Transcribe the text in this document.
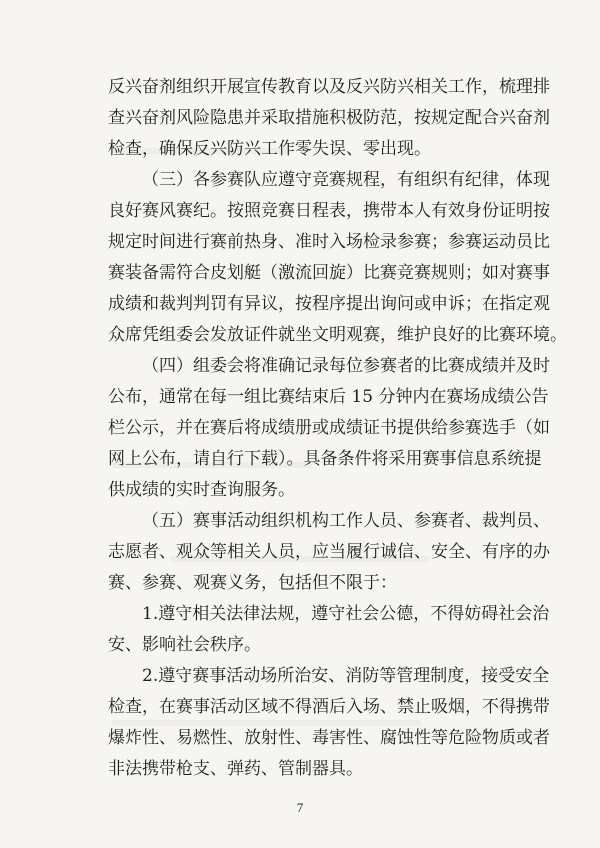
反兴奋剂组织开展宣传教育以及反兴防兴相关工作，梳理排
查兴奋剂风险隐患并采取措施积极防范，按规定配合兴奋剂
检查，确保反兴防兴工作零失误、零出现。
（三）各参赛队应遵守竞赛规程，有组织有纪律，体现
良好赛风赛纪。按照竞赛日程表，携带本人有效身份证明按
规定时间进行赛前热身、准时入场检录参赛；参赛运动员比
赛装备需符合皮划艇（激流回旋）比赛竞赛规则；如对赛事
成绩和裁判判罚有异议，按程序提出询问或申诉；在指定观
众席凭组委会发放证件就坐文明观赛，维护良好的比赛环境。
（四）组委会将准确记录每位参赛者的比赛成绩并及时
公布，通常在每一组比赛结束后 15 分钟内在赛场成绩公告
栏公示，并在赛后将成绩册或成绩证书提供给参赛选手（如
网上公布，请自行下载）。具备条件将采用赛事信息系统提
供成绩的实时查询服务。
（五）赛事活动组织机构工作人员、参赛者、裁判员、
志愿者、观众等相关人员，应当履行诚信、安全、有序的办
赛、参赛、观赛义务，包括但不限于：
1.遵守相关法律法规，遵守社会公德，不得妨碍社会治
安、影响社会秩序。
2.遵守赛事活动场所治安、消防等管理制度，接受安全
检查，在赛事活动区域不得酒后入场、禁止吸烟，不得携带
爆炸性、易燃性、放射性、毒害性、腐蚀性等危险物质或者
非法携带枪支、弹药、管制器具。
7
